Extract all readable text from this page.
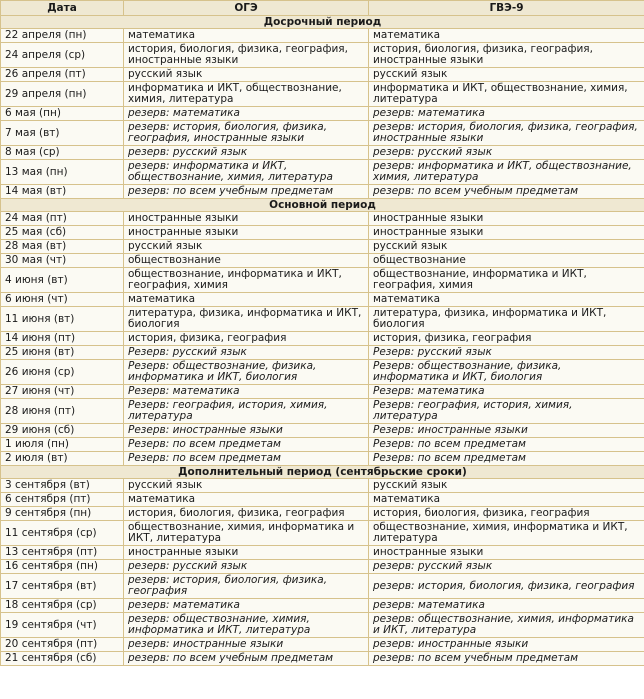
Дата	ОГЭ	ГВЭ-9
Досрочный период		
22 апреля (пн)	математика	математика
24 апреля (ср)	история, биология, физика, география, иностранные языки	история, биология, физика, география, иностранные языки
26 апреля (пт)	русский язык	русский язык
29 апреля (пн)	информатика и ИКТ, обществознание, химия, литература	информатика и ИКТ, обществознание, химия, литература
6 мая (пн)	резерв: математика	резерв: математика
7 мая (вт)	резерв: история, биология, физика, география, иностранные языки	резерв: история, биология, физика, география, иностранные языки
8 мая (ср)	резерв: русский язык	резерв: русский язык
13 мая (пн)	резерв: информатика и ИКТ, обществознание, химия, литература	резерв: информатика и ИКТ, обществознание, химия, литература
14 мая (вт)	резерв: по всем учебным предметам	резерв: по всем учебным предметам
Основной период		
24 мая (пт)	иностранные языки	иностранные языки
25 мая (сб)	иностранные языки	иностранные языки
28 мая (вт)	русский язык	русский язык
30 мая (чт)	обществознание	обществознание
4 июня (вт)	обществознание, информатика и ИКТ, география, химия	обществознание, информатика и ИКТ, география, химия
6 июня (чт)	математика	математика
11 июня (вт)	литература, физика, информатика и ИКТ, биология	литература, физика, информатика и ИКТ, биология
14 июня (пт)	история, физика, география	история, физика, география
25 июня (вт)	Резерв: русский язык	Резерв: русский язык
26 июня (ср)	Резерв: обществознание, физика, информатика и ИКТ, биология	Резерв: обществознание, физика, информатика и ИКТ, биология
27 июня (чт)	Резерв: математика	Резерв: математика
28 июня (пт)	Резерв: география, история, химия, литература	Резерв: география, история, химия, литература
29 июня (сб)	Резерв: иностранные языки	Резерв: иностранные языки
1 июля (пн)	Резерв: по всем предметам	Резерв: по всем предметам
2 июля (вт)	Резерв: по всем предметам	Резерв: по всем предметам
Дополнительный период (сентябрьские сроки)		
3 сентября (вт)	русский язык	русский язык
6 сентября (пт)	математика	математика
9 сентября (пн)	история, биология, физика, география	история, биология, физика, география
11 сентября (ср)	обществознание, химия, информатика и ИКТ, литература	обществознание, химия, информатика и ИКТ, литература
13 сентября (пт)	иностранные языки	иностранные языки
16 сентября (пн)	резерв: русский язык	резерв: русский язык
17 сентября (вт)	резерв: история, биология, физика, география	резерв: история, биология, физика, география
18 сентября (ср)	резерв: математика	резерв: математика
19 сентября (чт)	резерв: обществознание, химия, информатика и ИКТ, литература	резерв: обществознание, химия, информатика и ИКТ, литература
20 сентября (пт)	резерв: иностранные языки	резерв: иностранные языки
21 сентября (сб)	резерв: по всем учебным предметам	резерв: по всем учебным предметам
